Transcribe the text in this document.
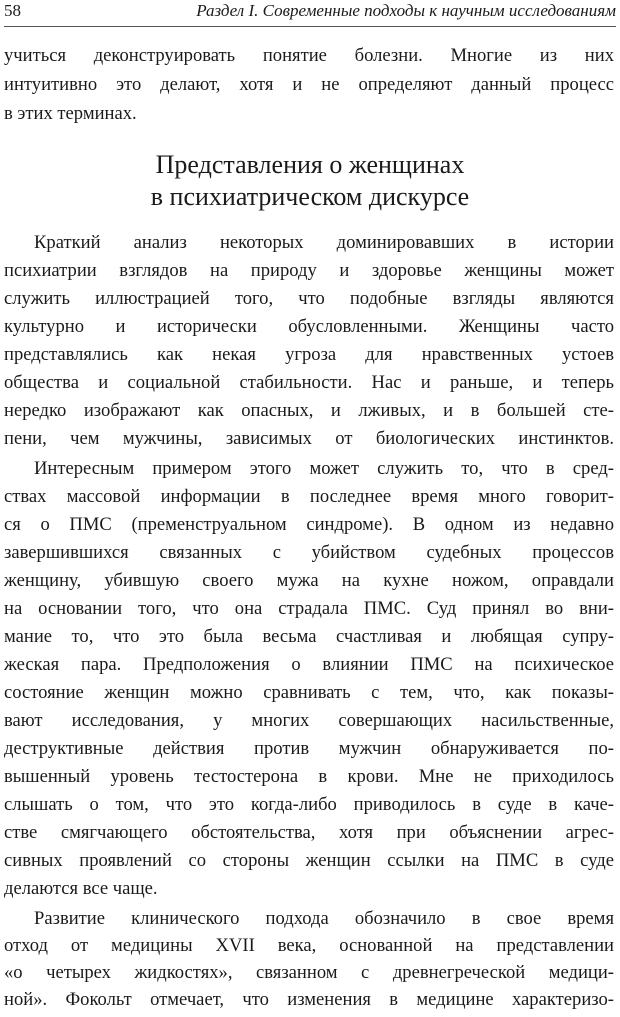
58	Раздел I. Современные подходы к научным исследованиям
учиться деконструировать понятие болезни. Многие из них
интуитивно это делают, хотя и не определяют данный процесс
в этих терминах.
Представления о женщинах
в психиатрическом дискурсе
Краткий анализ некоторых доминировавших в истории
психиатрии взглядов на природу и здоровье женщины может
служить иллюстрацией того, что подобные взгляды являются
культурно и исторически обусловленными. Женщины часто
представлялись как некая угроза для нравственных устоев
общества и социальной стабильности. Нас и раньше, и теперь
нередко изображают как опасных, и лживых, и в большей сте-
пени, чем мужчины, зависимых от биологических инстинктов.
Интересным примером этого может служить то, что в сред-
ствах массовой информации в последнее время много говорит-
ся о ПМС (пременструальном синдроме). В одном из недавно
завершившихся связанных с убийством судебных процессов
женщину, убившую своего мужа на кухне ножом, оправдали
на основании того, что она страдала ПМС. Суд принял во вни-
мание то, что это была весьма счастливая и любящая супру-
жеская пара. Предположения о влиянии ПМС на психическое
состояние женщин можно сравнивать с тем, что, как показы-
вают исследования, у многих совершающих насильственные,
деструктивные действия против мужчин обнаруживается по-
вышенный уровень тестостерона в крови. Мне не приходилось
слышать о том, что это когда-либо приводилось в суде в каче-
стве смягчающего обстоятельства, хотя при объяснении агрес-
сивных проявлений со стороны женщин ссылки на ПМС в суде
делаются все чаще.
Развитие клинического подхода обозначило в свое время
отход от медицины XVII века, основанной на представлении
«о четырех жидкостях», связанном с древнегреческой медици-
ной». Фокольт отмечает, что изменения в медицине характеризо-
